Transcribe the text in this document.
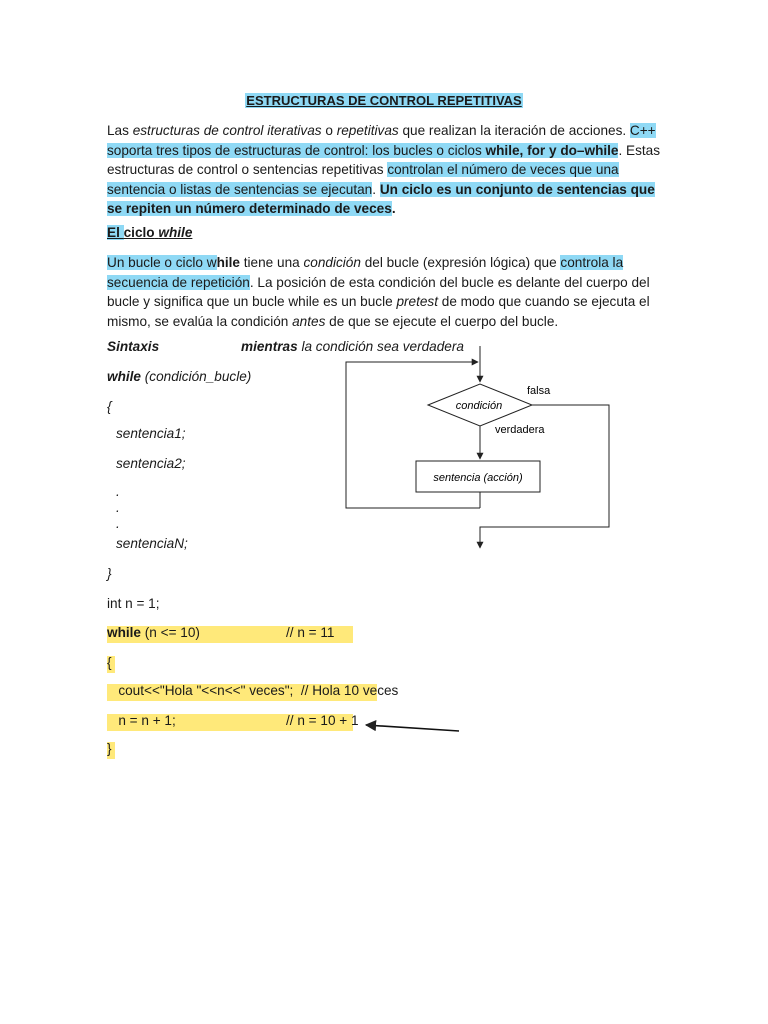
ESTRUCTURAS DE CONTROL REPETITIVAS
Las estructuras de control iterativas o repetitivas que realizan la iteración de acciones. C++ soporta tres tipos de estructuras de control: los bucles o ciclos while, for y do–while. Estas estructuras de control o sentencias repetitivas controlan el número de veces que una sentencia o listas de sentencias se ejecutan. Un ciclo es un conjunto de sentencias que se repiten un número determinado de veces.
El ciclo while
Un bucle o ciclo while tiene una condición del bucle (expresión lógica) que controla la secuencia de repetición. La posición de esta condición del bucle es delante del cuerpo del bucle y significa que un bucle while es un bucle pretest de modo que cuando se ejecuta el mismo, se evalúa la condición antes de que se ejecute el cuerpo del bucle.
Sintaxis	mientras la condición sea verdadera
while (condición_bucle)
{
sentencia1;
sentencia2;
.
.
.
sentenciaN;
}
condición
verdadera
sentencia (acción)
falsa
int n = 1;
while (n <= 10)	// n = 11
{
cout<<"Hola "<<n<<" veces";  // Hola 10 veces
n = n + 1;	// n = 10 + 1
}
